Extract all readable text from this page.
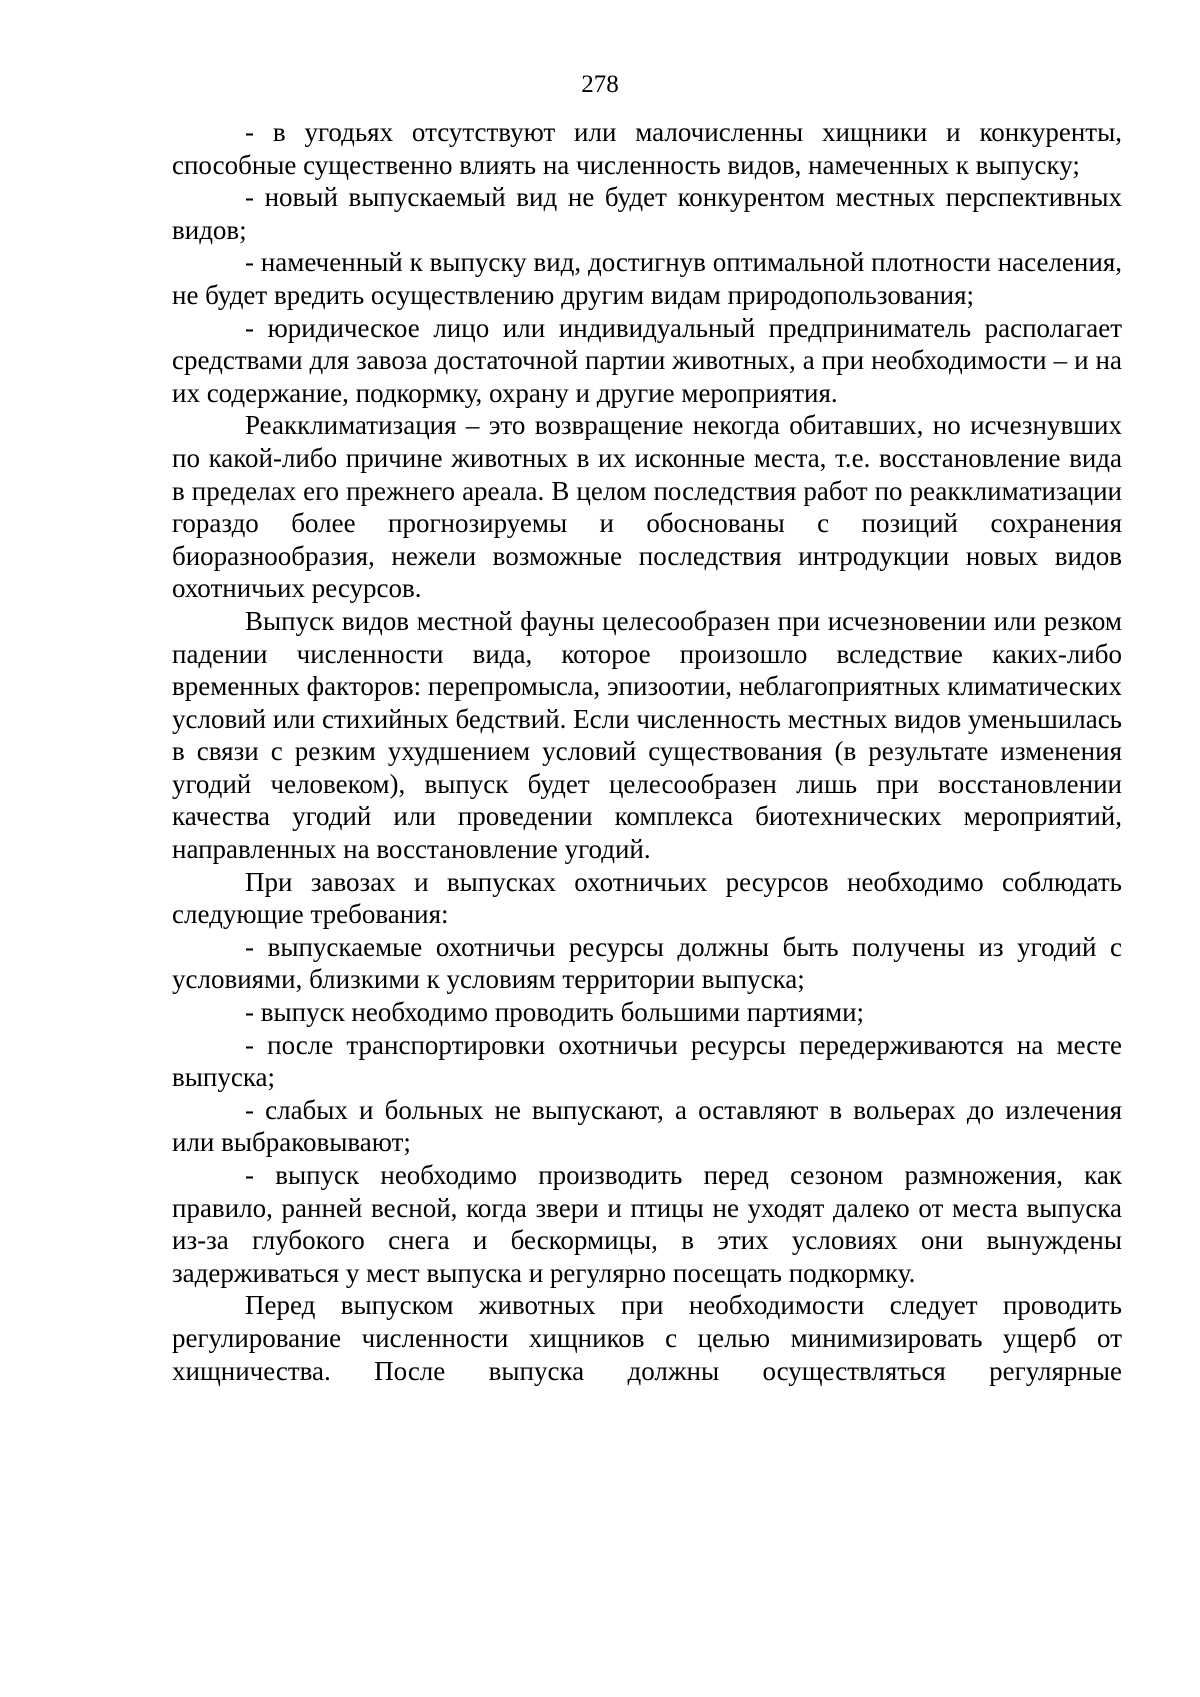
278

- в угодьях отсутствуют или малочисленны хищники и конкуренты, способные существенно влиять на численность видов, намеченных к выпуску;

- новый выпускаемый вид не будет конкурентом местных перспективных видов;

- намеченный к выпуску вид, достигнув оптимальной плотности населения, не будет вредить осуществлению другим видам природопользования;

- юридическое лицо или индивидуальный предприниматель располагает средствами для завоза достаточной партии животных, а при необходимости – и на их содержание, подкормку, охрану и другие мероприятия.

Реакклиматизация – это возвращение некогда обитавших, но исчезнувших по какой-либо причине животных в их исконные места, т.е. восстановление вида в пределах его прежнего ареала. В целом последствия работ по реакклиматизации гораздо более прогнозируемы и обоснованы с позиций сохранения биоразнообразия, нежели возможные последствия интродукции новых видов охотничьих ресурсов.

Выпуск видов местной фауны целесообразен при исчезновении или резком падении численности вида, которое произошло вследствие каких-либо временных факторов: перепромысла, эпизоотии, неблагоприятных климатических условий или стихийных бедствий. Если численность местных видов уменьшилась в связи с резким ухудшением условий существования (в результате изменения угодий человеком), выпуск будет целесообразен лишь при восстановлении качества угодий или проведении комплекса биотехнических мероприятий, направленных на восстановление угодий.

При завозах и выпусках охотничьих ресурсов необходимо соблюдать следующие требования:

- выпускаемые охотничьи ресурсы должны быть получены из угодий с условиями, близкими к условиям территории выпуска;

- выпуск необходимо проводить большими партиями;

- после транспортировки охотничьи ресурсы передерживаются на месте выпуска;

- слабых и больных не выпускают, а оставляют в вольерах до излечения или выбраковывают;

- выпуск необходимо производить перед сезоном размножения, как правило, ранней весной, когда звери и птицы не уходят далеко от места выпуска из-за глубокого снега и бескормицы, в этих условиях они вынуждены задерживаться у мест выпуска и регулярно посещать подкормку.

Перед выпуском животных при необходимости следует проводить регулирование численности хищников с целью минимизировать ущерб от хищничества. После выпуска должны осуществляться регулярные
